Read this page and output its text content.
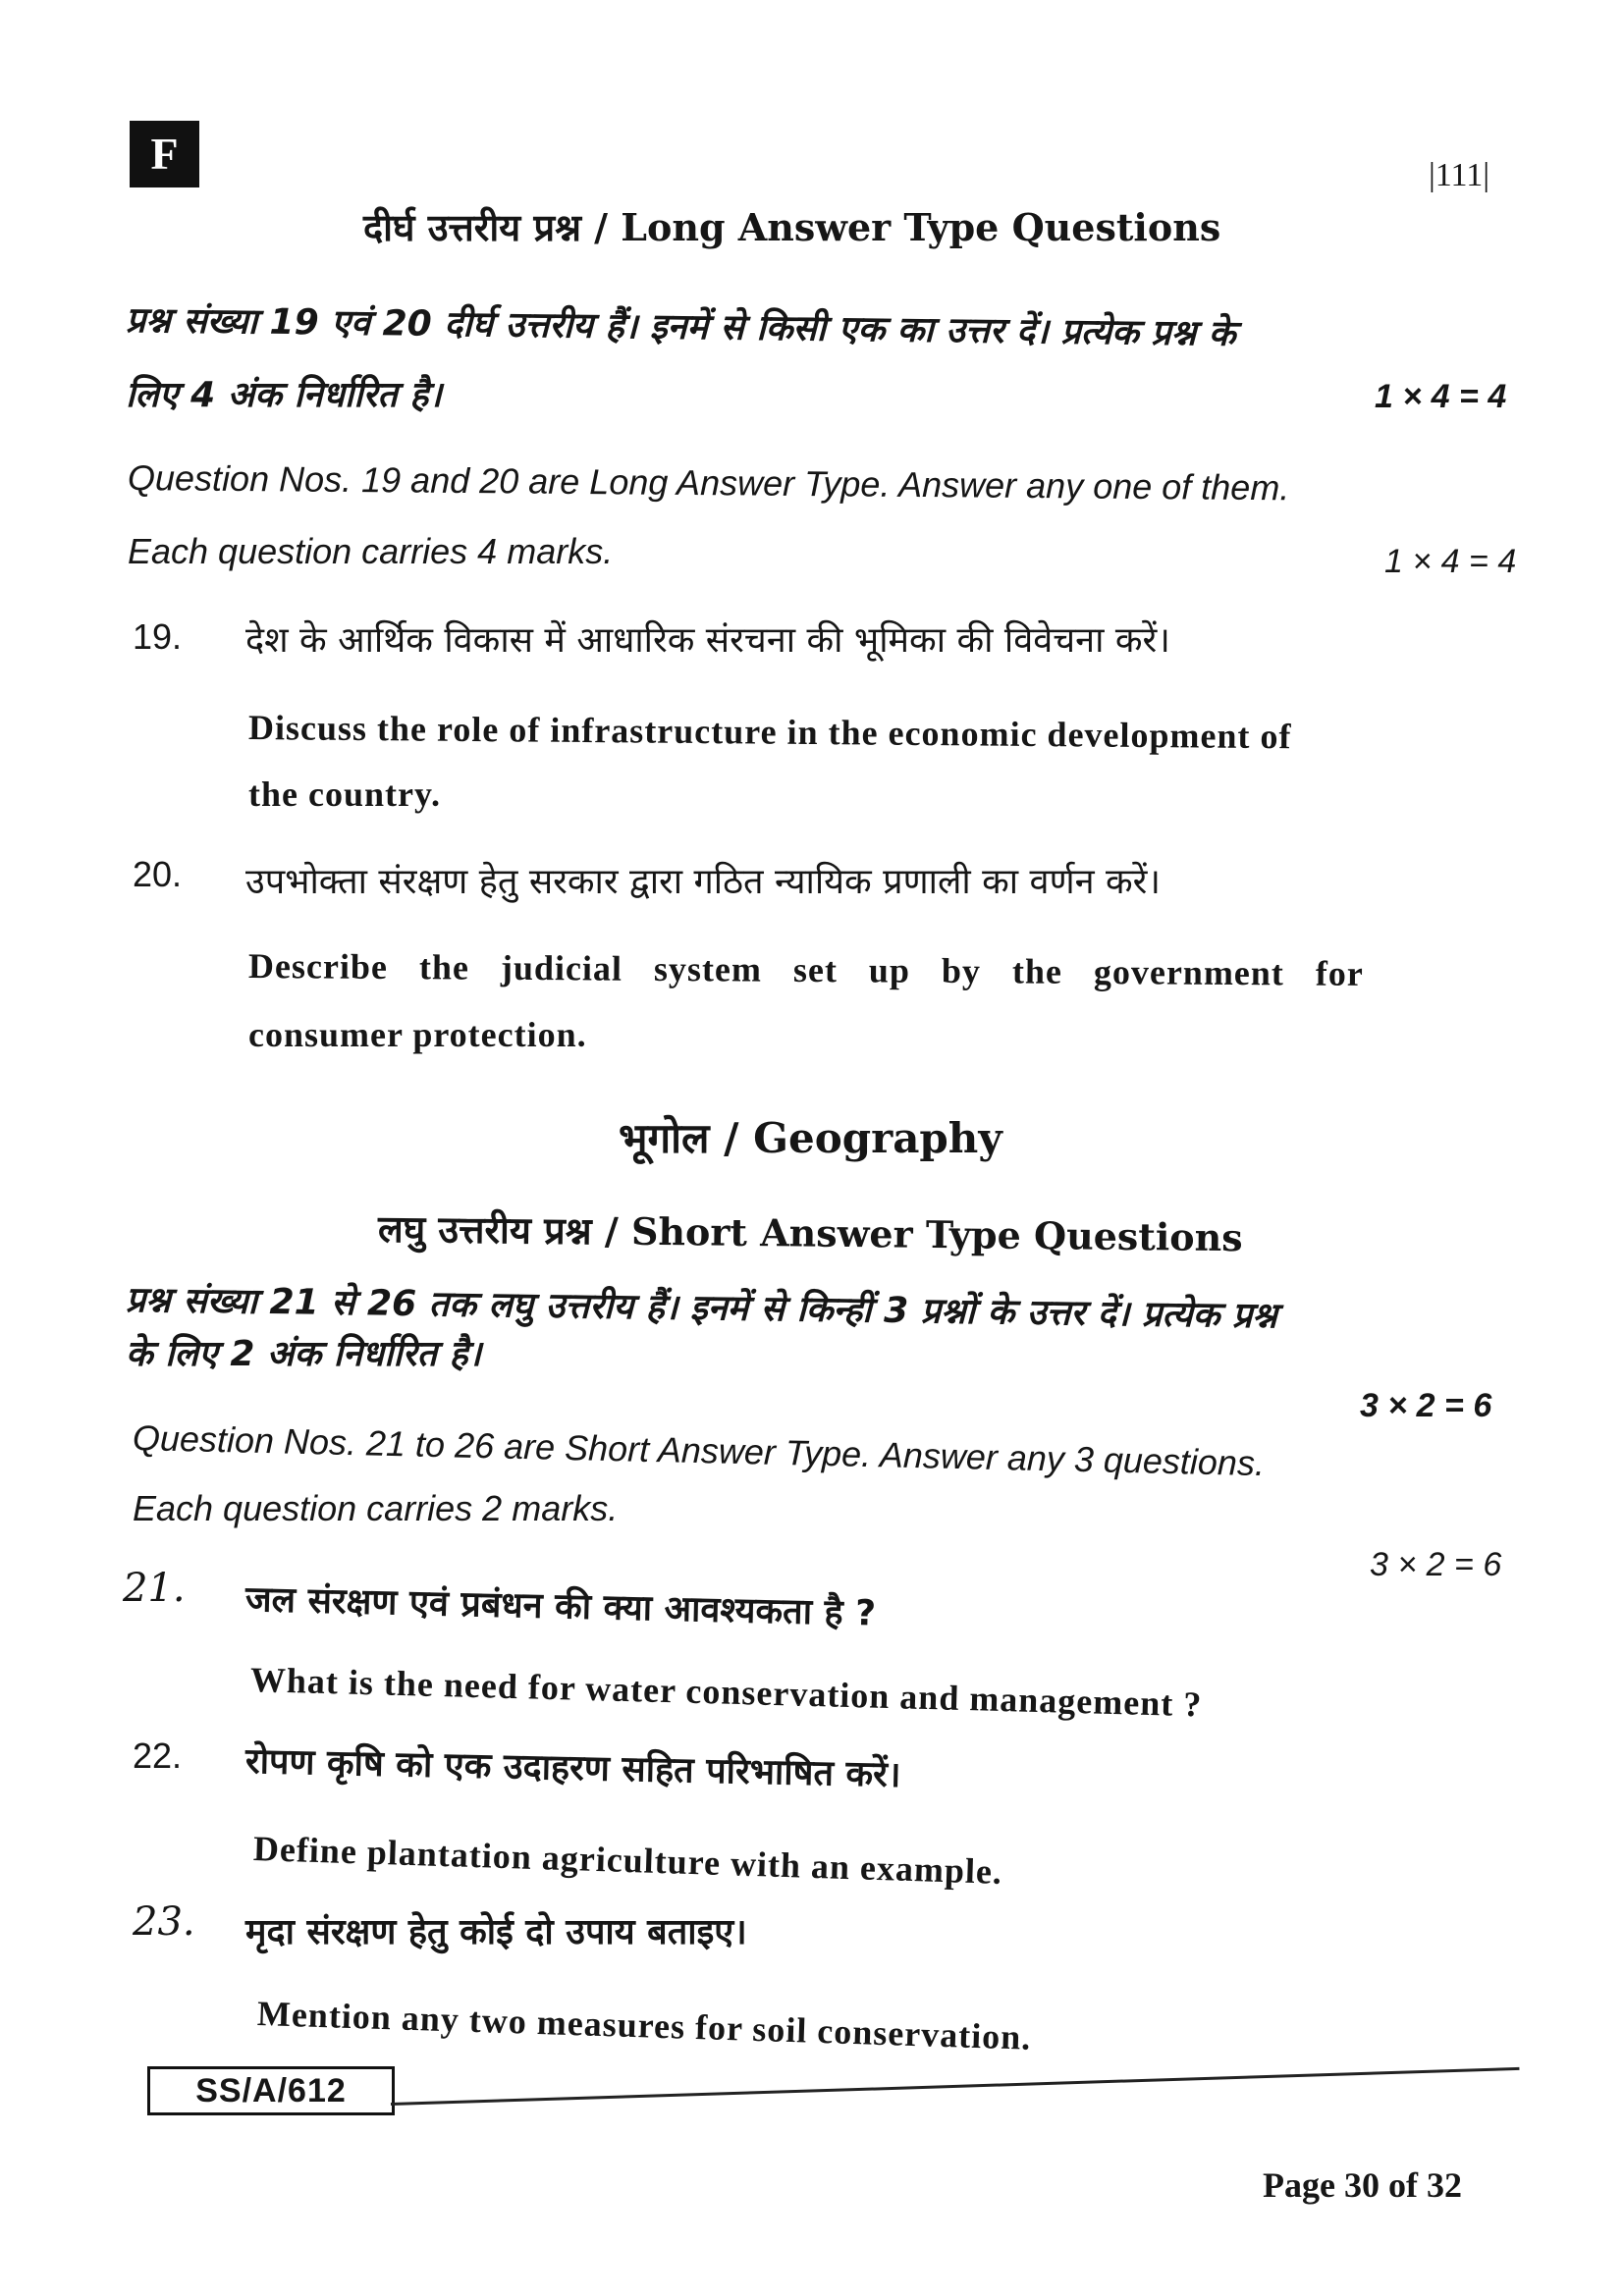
F	|111|
दीर्घ उत्तरीय प्रश्न / Long Answer Type Questions
प्रश्न संख्या 19 एवं 20 दीर्घ उत्तरीय हैं। इनमें से किसी एक का उत्तर दें। प्रत्येक प्रश्न के
लिए 4 अंक निर्धारित है।	1 × 4 = 4
Question Nos. 19 and 20 are Long Answer Type. Answer any one of them.
Each question carries 4 marks.	1 × 4 = 4
19. देश के आर्थिक विकास में आधारिक संरचना की भूमिका की विवेचना करें।
Discuss the role of infrastructure in the economic development of
the country.
20. उपभोक्ता संरक्षण हेतु सरकार द्वारा गठित न्यायिक प्रणाली का वर्णन करें।
Describe the judicial system set up by the government for
consumer protection.
भूगोल / Geography
लघु उत्तरीय प्रश्न / Short Answer Type Questions
प्रश्न संख्या 21 से 26 तक लघु उत्तरीय हैं। इनमें से किन्हीं 3 प्रश्नों के उत्तर दें। प्रत्येक प्रश्न
के लिए 2 अंक निर्धारित है।
3 × 2 = 6
Question Nos. 21 to 26 are Short Answer Type. Answer any 3 questions.
Each question carries 2 marks.
3 × 2 = 6
21. जल संरक्षण एवं प्रबंधन की क्या आवश्यकता है ?
What is the need for water conservation and management ?
22. रोपण कृषि को एक उदाहरण सहित परिभाषित करें।
Define plantation agriculture with an example.
23. मृदा संरक्षण हेतु कोई दो उपाय बताइए।
Mention any two measures for soil conservation.
SS/A/612
Page 30 of 32
